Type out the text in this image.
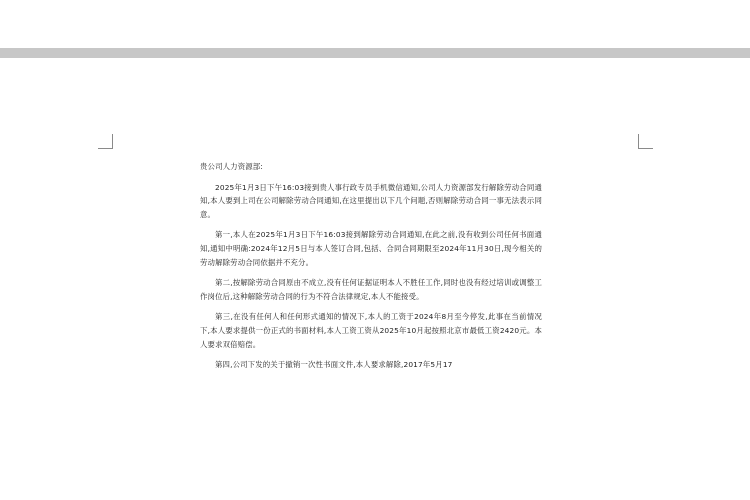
贵公司人力资源部:

2025年1月3日下午16:03接到贵人事行政专员手机微信通知,公司人力资源部发行解除劳动合同通知,本人要到上司在公司解除劳动合同通知,在这里提出以下几个问题,否则解除劳动合同一事无法表示同意。

第一,本人在2025年1月3日下午16:03接到解除劳动合同通知,在此之前,没有收到公司任何书面通知,通知中明确:2024年12月5日与本人签订合同,包括、合同合同期限至2024年11月30日,现今相关的劳动解除劳动合同依据并不充分。

第二,按解除劳动合同原由不成立,没有任何证据证明本人不胜任工作,同时也没有经过培训或调整工作岗位后,这种解除劳动合同的行为不符合法律规定,本人不能接受。

第三,在没有任何人和任何形式通知的情况下,本人的工资于2024年8月至今停发,此事在当前情况下,本人要求提供一份正式的书面材料,本人工资工资从2025年10月起按照北京市最低工资2420元。本人要求双倍赔偿。

第四,公司下发的关于撤销一次性书面文件,本人要求解除,2017年5月17
